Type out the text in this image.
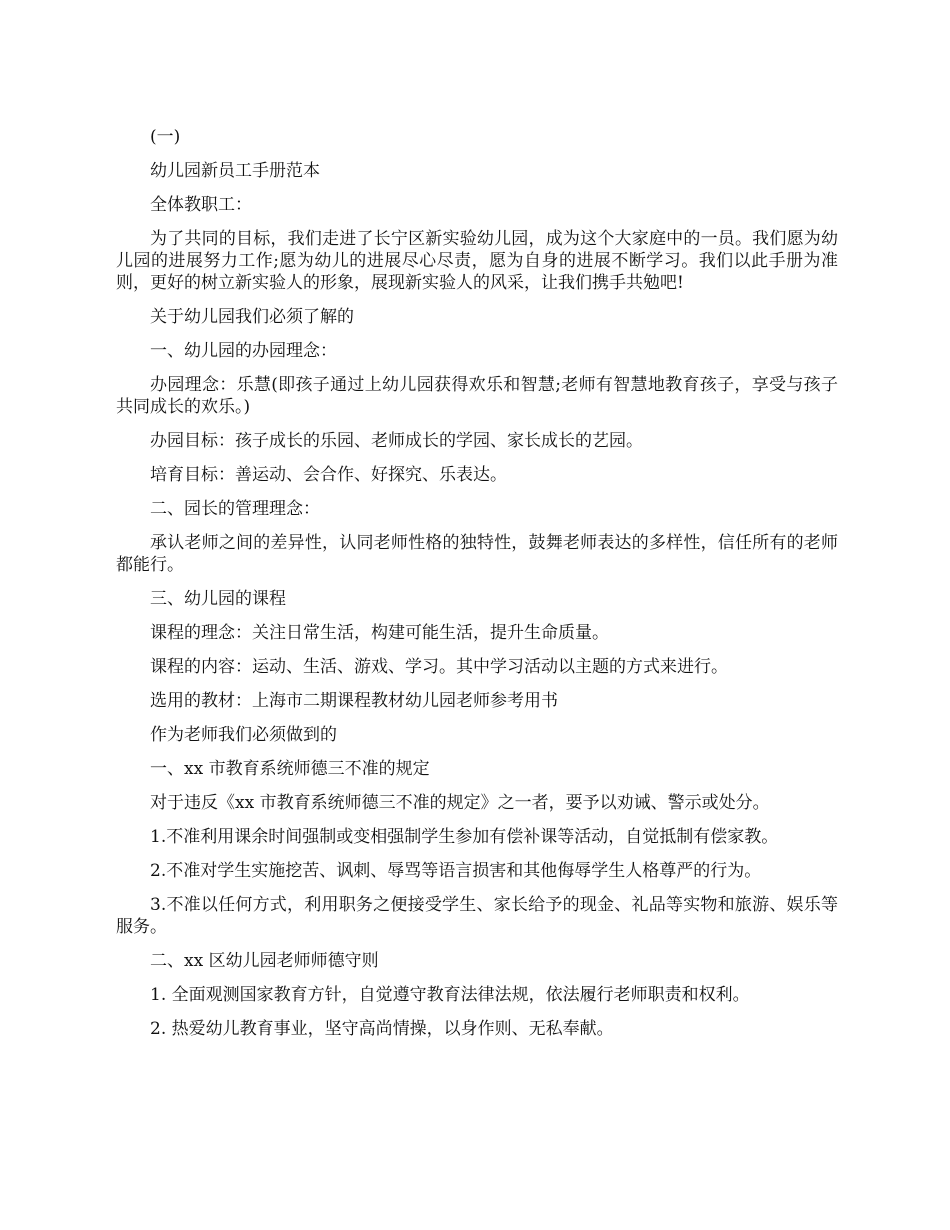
(一)

幼儿园新员工手册范本

全体教职工：

为了共同的目标，我们走进了长宁区新实验幼儿园，成为这个大家庭中的一员。我们愿为幼儿园的进展努力工作;愿为幼儿的进展尽心尽责，愿为自身的进展不断学习。我们以此手册为准则，更好的树立新实验人的形象，展现新实验人的风采，让我们携手共勉吧!

关于幼儿园我们必须了解的

一、幼儿园的办园理念：

办园理念：乐慧(即孩子通过上幼儿园获得欢乐和智慧;老师有智慧地教育孩子，享受与孩子共同成长的欢乐。)

办园目标：孩子成长的乐园、老师成长的学园、家长成长的艺园。

培育目标：善运动、会合作、好探究、乐表达。

二、园长的管理理念：

承认老师之间的差异性，认同老师性格的独特性，鼓舞老师表达的多样性，信任所有的老师都能行。

三、幼儿园的课程

课程的理念：关注日常生活，构建可能生活，提升生命质量。

课程的内容：运动、生活、游戏、学习。其中学习活动以主题的方式来进行。

选用的教材：上海市二期课程教材幼儿园老师参考用书

作为老师我们必须做到的

一、xx 市教育系统师德三不准的规定

对于违反《xx 市教育系统师德三不准的规定》之一者，要予以劝诫、警示或处分。

1.不准利用课余时间强制或变相强制学生参加有偿补课等活动，自觉抵制有偿家教。

2.不准对学生实施挖苦、讽刺、辱骂等语言损害和其他侮辱学生人格尊严的行为。

3.不准以任何方式，利用职务之便接受学生、家长给予的现金、礼品等实物和旅游、娱乐等服务。

二、xx 区幼儿园老师师德守则

1. 全面观测国家教育方针，自觉遵守教育法律法规，依法履行老师职责和权利。

2. 热爱幼儿教育事业，坚守高尚情操，以身作则、无私奉献。
